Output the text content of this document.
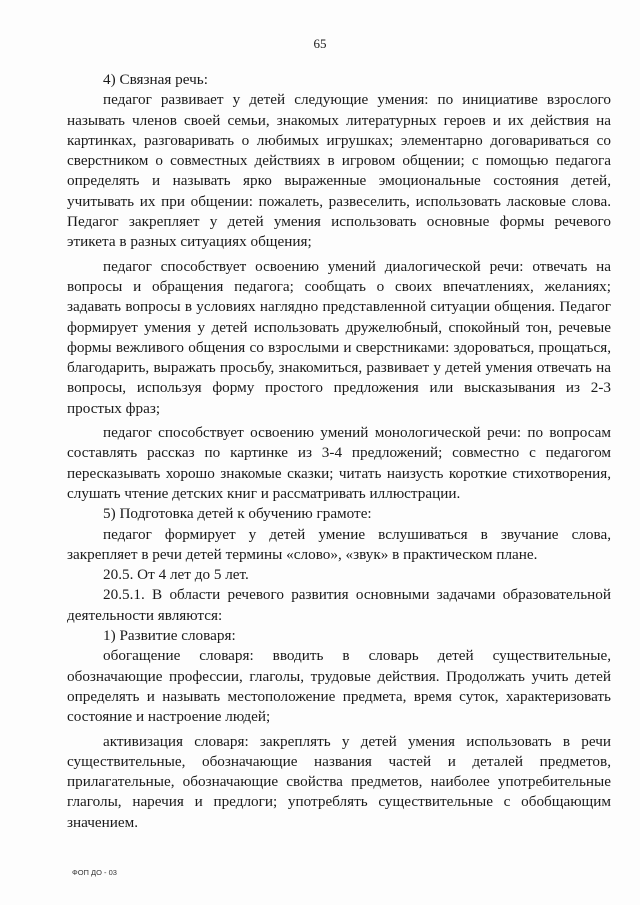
65

4) Связная речь:

педагог развивает у детей следующие умения: по инициативе взрослого называть членов своей семьи, знакомых литературных героев и их действия на картинках, разговаривать о любимых игрушках; элементарно договариваться со сверстником о совместных действиях в игровом общении; с помощью педагога определять и называть ярко выраженные эмоциональные состояния детей, учитывать их при общении: пожалеть, развеселить, использовать ласковые слова. Педагог закрепляет у детей умения использовать основные формы речевого этикета в разных ситуациях общения;

педагог способствует освоению умений диалогической речи: отвечать на вопросы и обращения педагога; сообщать о своих впечатлениях, желаниях; задавать вопросы в условиях наглядно представленной ситуации общения. Педагог формирует умения у детей использовать дружелюбный, спокойный тон, речевые формы вежливого общения со взрослыми и сверстниками: здороваться, прощаться, благодарить, выражать просьбу, знакомиться, развивает у детей умения отвечать на вопросы, используя форму простого предложения или высказывания из 2-3 простых фраз;

педагог способствует освоению умений монологической речи: по вопросам составлять рассказ по картинке из 3-4 предложений; совместно с педагогом пересказывать хорошо знакомые сказки; читать наизусть короткие стихотворения, слушать чтение детских книг и рассматривать иллюстрации.

5) Подготовка детей к обучению грамоте:

педагог формирует у детей умение вслушиваться в звучание слова, закрепляет в речи детей термины «слово», «звук» в практическом плане.

20.5. От 4 лет до 5 лет.

20.5.1. В области речевого развития основными задачами образовательной деятельности являются:

1) Развитие словаря:

обогащение словаря: вводить в словарь детей существительные, обозначающие профессии, глаголы, трудовые действия. Продолжать учить детей определять и называть местоположение предмета, время суток, характеризовать состояние и настроение людей;

активизация словаря: закреплять у детей умения использовать в речи существительные, обозначающие названия частей и деталей предметов, прилагательные, обозначающие свойства предметов, наиболее употребительные глаголы, наречия и предлоги; употреблять существительные с обобщающим значением.

ФОП ДО - 03
